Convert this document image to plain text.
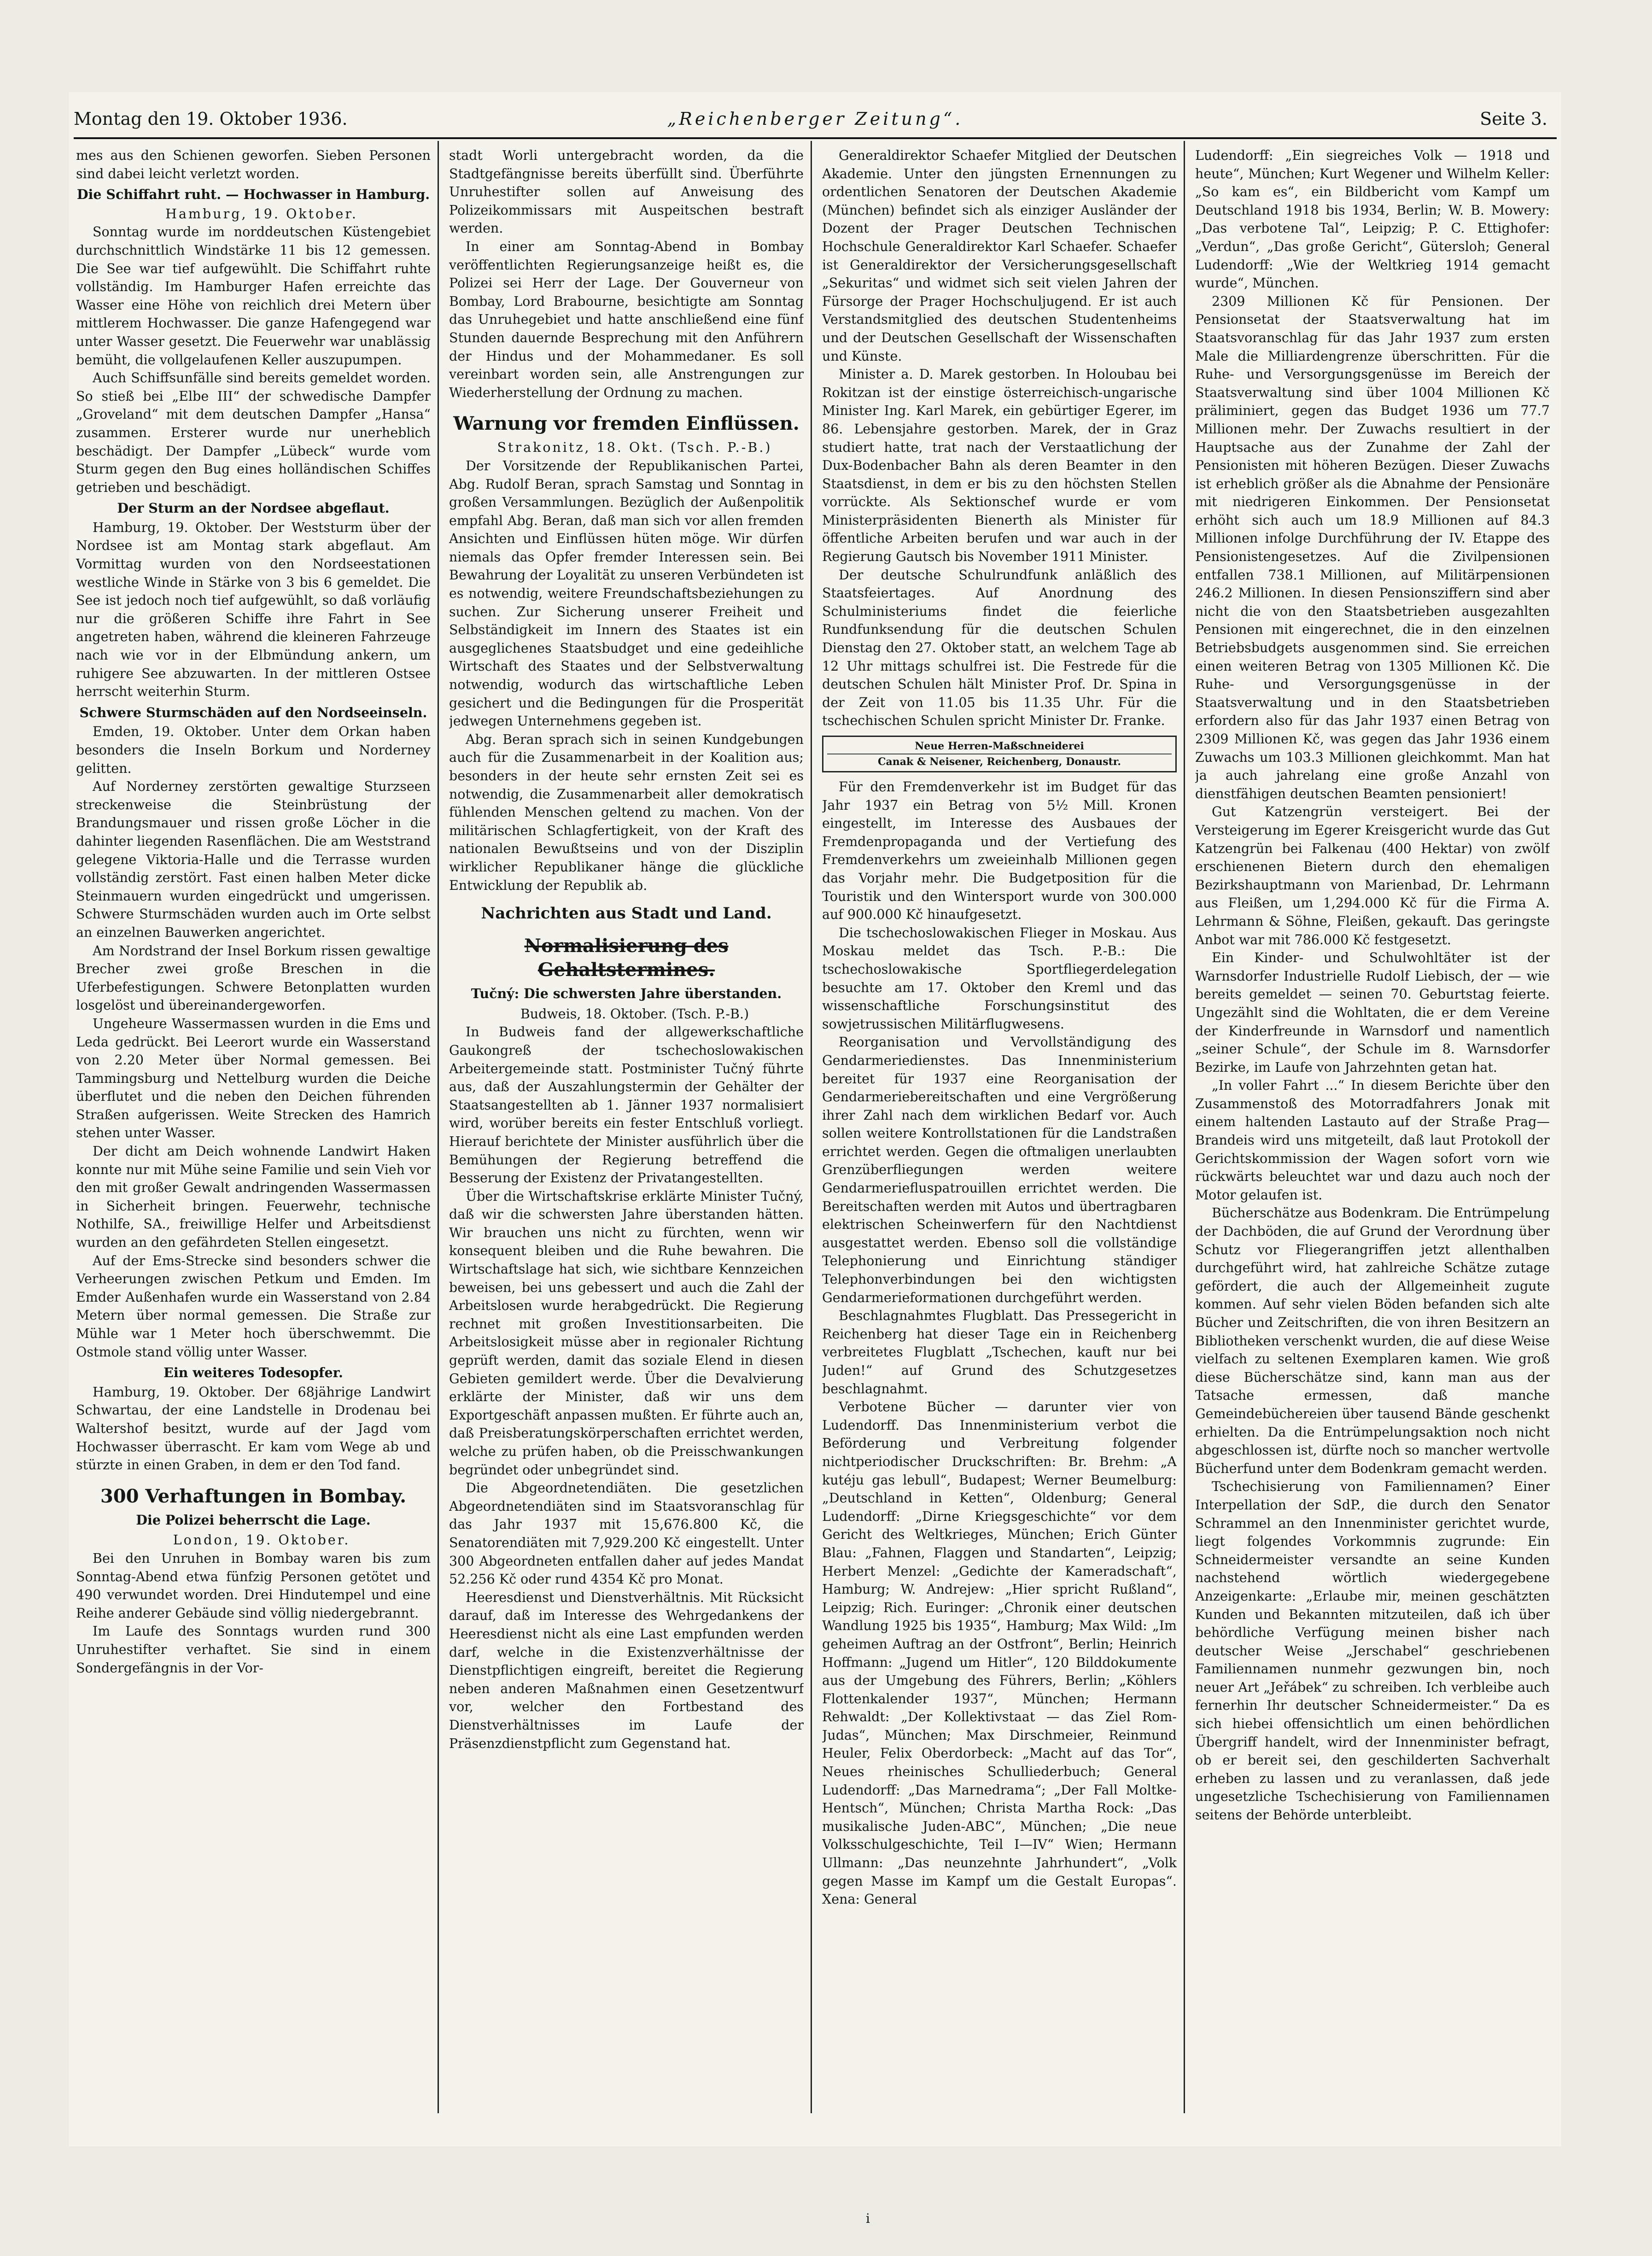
Montag den 19. Oktober 1936.	„Reichenberger Zeitung“.	Seite 3.

mes aus den Schienen geworfen. Sieben Personen sind dabei leicht verletzt worden.

Die Schiffahrt ruht. — Hochwasser in Hamburg.

Hamburg, 19. Oktober.

Sonntag wurde im norddeutschen Küstengebiet durchschnittlich Windstärke 11 bis 12 gemessen. Die See war tief aufgewühlt. Die Schiffahrt ruhte vollständig. Im Hamburger Hafen erreichte das Wasser eine Höhe von reichlich drei Metern über mittlerem Hochwasser. Die ganze Hafengegend war unter Wasser gesetzt. Die Feuerwehr war unablässig bemüht, die vollgelaufenen Keller auszupumpen.

Auch Schiffsunfälle sind bereits gemeldet worden. So stieß bei „Elbe III“ der schwedische Dampfer „Groveland“ mit dem deutschen Dampfer „Hansa“ zusammen. Ersterer wurde nur unerheblich beschädigt. Der Dampfer „Lübeck“ wurde vom Sturm gegen den Bug eines holländischen Schiffes getrieben und beschädigt.

Der Sturm an der Nordsee abgeflaut.

Hamburg, 19. Oktober. Der Weststurm über der Nordsee ist am Montag stark abgeflaut. Am Vormittag wurden von den Nordseestationen westliche Winde in Stärke von 3 bis 6 gemeldet. Die See ist jedoch noch tief aufgewühlt, so daß vorläufig nur die größeren Schiffe ihre Fahrt in See angetreten haben, während die kleineren Fahrzeuge nach wie vor in der Elbmündung ankern, um ruhigere See abzuwarten. In der mittleren Ostsee herrscht weiterhin Sturm.

Schwere Sturmschäden auf den Nordseeinseln.

Emden, 19. Oktober. Unter dem Orkan haben besonders die Inseln Borkum und Norderney gelitten.

Auf Norderney zerstörten gewaltige Sturzseen streckenweise die Steinbrüstung der Brandungsmauer und rissen große Löcher in die dahinter liegenden Rasenflächen. Die am Weststrand gelegene Viktoria-Halle und die Terrasse wurden vollständig zerstört. Fast einen halben Meter dicke Steinmauern wurden eingedrückt und umgerissen. Schwere Sturmschäden wurden auch im Orte selbst an einzelnen Bauwerken angerichtet.

Am Nordstrand der Insel Borkum rissen gewaltige Brecher zwei große Breschen in die Uferbefestigungen. Schwere Betonplatten wurden losgelöst und übereinandergeworfen.

Ungeheure Wassermassen wurden in die Ems und Leda gedrückt. Bei Leerort wurde ein Wasserstand von 2.20 Meter über Normal gemessen. Bei Tammingsburg und Nettelburg wurden die Deiche überflutet und die neben den Deichen führenden Straßen aufgerissen. Weite Strecken des Hamrich stehen unter Wasser.

Der dicht am Deich wohnende Landwirt Haken konnte nur mit Mühe seine Familie und sein Vieh vor den mit großer Gewalt andringenden Wassermassen in Sicherheit bringen. Feuerwehr, technische Nothilfe, SA., freiwillige Helfer und Arbeitsdienst wurden an den gefährdeten Stellen eingesetzt.

Auf der Ems-Strecke sind besonders schwer die Verheerungen zwischen Petkum und Emden. Im Emder Außenhafen wurde ein Wasserstand von 2.84 Metern über normal gemessen. Die Straße zur Mühle war 1 Meter hoch überschwemmt. Die Ostmole stand völlig unter Wasser.

Ein weiteres Todesopfer.

Hamburg, 19. Oktober. Der 68jährige Landwirt Schwartau, der eine Landstelle in Drodenau bei Waltershof besitzt, wurde auf der Jagd vom Hochwasser überrascht. Er kam vom Wege ab und stürzte in einen Graben, in dem er den Tod fand.

300 Verhaftungen in Bombay.
Die Polizei beherrscht die Lage.

London, 19. Oktober.

Bei den Unruhen in Bombay waren bis zum Sonntag-Abend etwa fünfzig Personen getötet und 490 verwundet worden. Drei Hindutempel und eine Reihe anderer Gebäude sind völlig niedergebrannt.

Im Laufe des Sonntags wurden rund 300 Unruhestifter verhaftet. Sie sind in einem Sondergefängnis in der Vor-

stadt Worli untergebracht worden, da die Stadtgefängnisse bereits überfüllt sind. Überführte Unruhestifter sollen auf Anweisung des Polizeikommissars mit Auspeitschen bestraft werden.

In einer am Sonntag-Abend in Bombay veröffentlichten Regierungsanzeige heißt es, die Polizei sei Herr der Lage. Der Gouverneur von Bombay, Lord Brabourne, besichtigte am Sonntag das Unruhegebiet und hatte anschließend eine fünf Stunden dauernde Besprechung mit den Anführern der Hindus und der Mohammedaner. Es soll vereinbart worden sein, alle Anstrengungen zur Wiederherstellung der Ordnung zu machen.

Warnung vor fremden Einflüssen.

Strakonitz, 18. Okt. (Tsch. P.-B.)

Der Vorsitzende der Republikanischen Partei, Abg. Rudolf Beran, sprach Samstag und Sonntag in großen Versammlungen. Bezüglich der Außenpolitik empfahl Abg. Beran, daß man sich vor allen fremden Ansichten und Einflüssen hüten möge. Wir dürfen niemals das Opfer fremder Interessen sein. Bei Bewahrung der Loyalität zu unseren Verbündeten ist es notwendig, weitere Freundschaftsbeziehungen zu suchen. Zur Sicherung unserer Freiheit und Selbständigkeit im Innern des Staates ist ein ausgeglichenes Staatsbudget und eine gedeihliche Wirtschaft des Staates und der Selbstverwaltung notwendig, wodurch das wirtschaftliche Leben gesichert und die Bedingungen für die Prosperität jedwegen Unternehmens gegeben ist.

Abg. Beran sprach sich in seinen Kundgebungen auch für die Zusammenarbeit in der Koalition aus; besonders in der heute sehr ernsten Zeit sei es notwendig, die Zusammenarbeit aller demokratisch fühlenden Menschen geltend zu machen. Von der militärischen Schlagfertigkeit, von der Kraft des nationalen Bewußtseins und von der Disziplin wirklicher Republikaner hänge die glückliche Entwicklung der Republik ab.

Nachrichten aus Stadt und Land.
Normalisierung des Gehaltstermines.
Tučný: Die schwersten Jahre überstanden.

Budweis, 18. Oktober. (Tsch. P.-B.)

In Budweis fand der allgewerkschaftliche Gaukongreß der tschechoslowakischen Arbeitergemeinde statt. Postminister Tučný führte aus, daß der Auszahlungstermin der Gehälter der Staatsangestellten ab 1. Jänner 1937 normalisiert wird, worüber bereits ein fester Entschluß vorliegt. Hierauf berichtete der Minister ausführlich über die Bemühungen der Regierung betreffend die Besserung der Existenz der Privatangestellten.

Über die Wirtschaftskrise erklärte Minister Tučný, daß wir die schwersten Jahre überstanden hätten. Wir brauchen uns nicht zu fürchten, wenn wir konsequent bleiben und die Ruhe bewahren. Die Wirtschaftslage hat sich, wie sichtbare Kennzeichen beweisen, bei uns gebessert und auch die Zahl der Arbeitslosen wurde herabgedrückt. Die Regierung rechnet mit großen Investitionsarbeiten. Die Arbeitslosigkeit müsse aber in regionaler Richtung geprüft werden, damit das soziale Elend in diesen Gebieten gemildert werde. Über die Devalvierung erklärte der Minister, daß wir uns dem Exportgeschäft anpassen mußten. Er führte auch an, daß Preisberatungskörperschaften errichtet werden, welche zu prüfen haben, ob die Preisschwankungen begründet oder unbegründet sind.

Die Abgeordnetendiäten. Die gesetzlichen Abgeordnetendiäten sind im Staatsvoranschlag für das Jahr 1937 mit 15,676.800 Kč, die Senatorendiäten mit 7,929.200 Kč eingestellt. Unter 300 Abgeordneten entfallen daher auf jedes Mandat 52.256 Kč oder rund 4354 Kč pro Monat.

Heeresdienst und Dienstverhältnis. Mit Rücksicht darauf, daß im Interesse des Wehrgedankens der Heeresdienst nicht als eine Last empfunden werden darf, welche in die Existenzverhältnisse der Dienstpflichtigen eingreift, bereitet die Regierung neben anderen Maßnahmen einen Gesetzentwurf vor, welcher den Fortbestand des Dienstverhältnisses im Laufe der Präsenzdienstpflicht zum Gegenstand hat.

Generaldirektor Schaefer Mitglied der Deutschen Akademie. Unter den jüngsten Ernennungen zu ordentlichen Senatoren der Deutschen Akademie (München) befindet sich als einziger Ausländer der Dozent der Prager Deutschen Technischen Hochschule Generaldirektor Karl Schaefer. Schaefer ist Generaldirektor der Versicherungsgesellschaft „Sekuritas“ und widmet sich seit vielen Jahren der Fürsorge der Prager Hochschuljugend. Er ist auch Verstandsmitglied des deutschen Studentenheims und der Deutschen Gesellschaft der Wissenschaften und Künste.

Minister a. D. Marek gestorben. In Holoubau bei Rokitzan ist der einstige österreichisch-ungarische Minister Ing. Karl Marek, ein gebürtiger Egerer, im 86. Lebensjahre gestorben. Marek, der in Graz studiert hatte, trat nach der Verstaatlichung der Dux-Bodenbacher Bahn als deren Beamter in den Staatsdienst, in dem er bis zu den höchsten Stellen vorrückte. Als Sektionschef wurde er vom Ministerpräsidenten Bienerth als Minister für öffentliche Arbeiten berufen und war auch in der Regierung Gautsch bis November 1911 Minister.

Der deutsche Schulrundfunk anläßlich des Staatsfeiertages. Auf Anordnung des Schulministeriums findet die feierliche Rundfunksendung für die deutschen Schulen Dienstag den 27. Oktober statt, an welchem Tage ab 12 Uhr mittags schulfrei ist. Die Festrede für die deutschen Schulen hält Minister Prof. Dr. Spina in der Zeit von 11.05 bis 11.35 Uhr. Für die tschechischen Schulen spricht Minister Dr. Franke.

Neue Herren-Maßschneiderei
Canak & Neisener, Reichenberg, Donaustr.

Für den Fremdenverkehr ist im Budget für das Jahr 1937 ein Betrag von 5½ Mill. Kronen eingestellt, im Interesse des Ausbaues der Fremdenpropaganda und der Vertiefung des Fremdenverkehrs um zweieinhalb Millionen gegen das Vorjahr mehr. Die Budgetposition für die Touristik und den Wintersport wurde von 300.000 auf 900.000 Kč hinaufgesetzt.

Die tschechoslowakischen Flieger in Moskau. Aus Moskau meldet das Tsch. P.-B.: Die tschechoslowakische Sportfliegerdelegation besuchte am 17. Oktober den Kreml und das wissenschaftliche Forschungsinstitut des sowjetrussischen Militärflugwesens.

Reorganisation und Vervollständigung des Gendarmeriedienstes. Das Innenministerium bereitet für 1937 eine Reorganisation der Gendarmeriebereitschaften und eine Vergrößerung ihrer Zahl nach dem wirklichen Bedarf vor. Auch sollen weitere Kontrollstationen für die Landstraßen errichtet werden. Gegen die oftmaligen unerlaubten Grenzüberfliegungen werden weitere Gendarmeriefluspatrouillen errichtet werden. Die Bereitschaften werden mit Autos und übertragbaren elektrischen Scheinwerfern für den Nachtdienst ausgestattet werden. Ebenso soll die vollständige Telephonierung und Einrichtung ständiger Telephonverbindungen bei den wichtigsten Gendarmerieformationen durchgeführt werden.

Beschlagnahmtes Flugblatt. Das Pressegericht in Reichenberg hat dieser Tage ein in Reichenberg verbreitetes Flugblatt „Tschechen, kauft nur bei Juden!“ auf Grund des Schutzgesetzes beschlagnahmt.

Verbotene Bücher — darunter vier von Ludendorff. Das Innenministerium verbot die Beförderung und Verbreitung folgender nichtperiodischer Druckschriften: Br. Brehm: „A kutéju gas lebull“, Budapest; Werner Beumelburg: „Deutschland in Ketten“, Oldenburg; General Ludendorff: „Dirne Kriegsgeschichte“ vor dem Gericht des Weltkrieges, München; Erich Günter Blau: „Fahnen, Flaggen und Standarten“, Leipzig; Herbert Menzel: „Gedichte der Kameradschaft“, Hamburg; W. Andrejew: „Hier spricht Rußland“, Leipzig; Rich. Euringer: „Chronik einer deutschen Wandlung 1925 bis 1935“, Hamburg; Max Wild: „Im geheimen Auftrag an der Ostfront“, Berlin; Heinrich Hoffmann: „Jugend um Hitler“, 120 Bilddokumente aus der Umgebung des Führers, Berlin; „Köhlers Flottenkalender 1937“, München; Hermann Rehwaldt: „Der Kollektivstaat — das Ziel Rom-Judas“, München; Max Dirschmeier, Reinmund Heuler, Felix Oberdorbeck: „Macht auf das Tor“, Neues rheinisches Schulliederbuch; General Ludendorff: „Das Marnedrama“; „Der Fall Moltke-Hentsch“, München; Christa Martha Rock: „Das musikalische Juden-ABC“, München; „Die neue Volksschulgeschichte, Teil I—IV“ Wien; Hermann Ullmann: „Das neunzehnte Jahrhundert“, „Volk gegen Masse im Kampf um die Gestalt Europas“. Xena: General

Ludendorff: „Ein siegreiches Volk — 1918 und heute“, München; Kurt Wegener und Wilhelm Keller: „So kam es“, ein Bildbericht vom Kampf um Deutschland 1918 bis 1934, Berlin; W. B. Mowery: „Das verbotene Tal“, Leipzig; P. C. Ettighofer: „Verdun“, „Das große Gericht“, Gütersloh; General Ludendorff: „Wie der Weltkrieg 1914 gemacht wurde“, München.

2309 Millionen Kč für Pensionen. Der Pensionsetat der Staatsverwaltung hat im Staatsvoranschlag für das Jahr 1937 zum ersten Male die Milliardengrenze überschritten. Für die Ruhe- und Versorgungsgenüsse im Bereich der Staatsverwaltung sind über 1004 Millionen Kč präliminiert, gegen das Budget 1936 um 77.7 Millionen mehr. Der Zuwachs resultiert in der Hauptsache aus der Zunahme der Zahl der Pensionisten mit höheren Bezügen. Dieser Zuwachs ist erheblich größer als die Abnahme der Pensionäre mit niedrigeren Einkommen. Der Pensionsetat erhöht sich auch um 18.9 Millionen auf 84.3 Millionen infolge Durchführung der IV. Etappe des Pensionistengesetzes. Auf die Zivilpensionen entfallen 738.1 Millionen, auf Militärpensionen 246.2 Millionen. In diesen Pensionsziffern sind aber nicht die von den Staatsbetrieben ausgezahlten Pensionen mit eingerechnet, die in den einzelnen Betriebsbudgets ausgenommen sind. Sie erreichen einen weiteren Betrag von 1305 Millionen Kč. Die Ruhe- und Versorgungsgenüsse in der Staatsverwaltung und in den Staatsbetrieben erfordern also für das Jahr 1937 einen Betrag von 2309 Millionen Kč, was gegen das Jahr 1936 einem Zuwachs um 103.3 Millionen gleichkommt. Man hat ja auch jahrelang eine große Anzahl von dienstfähigen deutschen Beamten pensioniert!

Gut Katzengrün versteigert. Bei der Versteigerung im Egerer Kreisgericht wurde das Gut Katzengrün bei Falkenau (400 Hektar) von zwölf erschienenen Bietern durch den ehemaligen Bezirkshauptmann von Marienbad, Dr. Lehrmann aus Fleißen, um 1,294.000 Kč für die Firma A. Lehrmann & Söhne, Fleißen, gekauft. Das geringste Anbot war mit 786.000 Kč festgesetzt.

Ein Kinder- und Schulwohltäter ist der Warnsdorfer Industrielle Rudolf Liebisch, der — wie bereits gemeldet — seinen 70. Geburtstag feierte. Ungezählt sind die Wohltaten, die er dem Vereine der Kinderfreunde in Warnsdorf und namentlich „seiner Schule“, der Schule im 8. Warnsdorfer Bezirke, im Laufe von Jahrzehnten getan hat.

„In voller Fahrt ...“ In diesem Berichte über den Zusammenstoß des Motorradfahrers Jonak mit einem haltenden Lastauto auf der Straße Prag—Brandeis wird uns mitgeteilt, daß laut Protokoll der Gerichtskommission der Wagen sofort vorn wie rückwärts beleuchtet war und dazu auch noch der Motor gelaufen ist.

Bücherschätze aus Bodenkram. Die Entrümpelung der Dachböden, die auf Grund der Verordnung über Schutz vor Fliegerangriffen jetzt allenthalben durchgeführt wird, hat zahlreiche Schätze zutage gefördert, die auch der Allgemeinheit zugute kommen. Auf sehr vielen Böden befanden sich alte Bücher und Zeitschriften, die von ihren Besitzern an Bibliotheken verschenkt wurden, die auf diese Weise vielfach zu seltenen Exemplaren kamen. Wie groß diese Bücherschätze sind, kann man aus der Tatsache ermessen, daß manche Gemeindebüchereien über tausend Bände geschenkt erhielten. Da die Entrümpelungsaktion noch nicht abgeschlossen ist, dürfte noch so mancher wertvolle Bücherfund unter dem Bodenkram gemacht werden.

Tschechisierung von Familiennamen? Einer Interpellation der SdP., die durch den Senator Schrammel an den Innenminister gerichtet wurde, liegt folgendes Vorkommnis zugrunde: Ein Schneidermeister versandte an seine Kunden nachstehend wörtlich wiedergegebene Anzeigenkarte: „Erlaube mir, meinen geschätzten Kunden und Bekannten mitzuteilen, daß ich über behördliche Verfügung meinen bisher nach deutscher Weise „Jerschabel“ geschriebenen Familiennamen nunmehr gezwungen bin, noch neuer Art „Jeřábek“ zu schreiben. Ich verbleibe auch fernerhin Ihr deutscher Schneidermeister.“ Da es sich hiebei offensichtlich um einen behördlichen Übergriff handelt, wird der Innenminister befragt, ob er bereit sei, den geschilderten Sachverhalt erheben zu lassen und zu veranlassen, daß jede ungesetzliche Tschechisierung von Familiennamen seitens der Behörde unterbleibt.

i
